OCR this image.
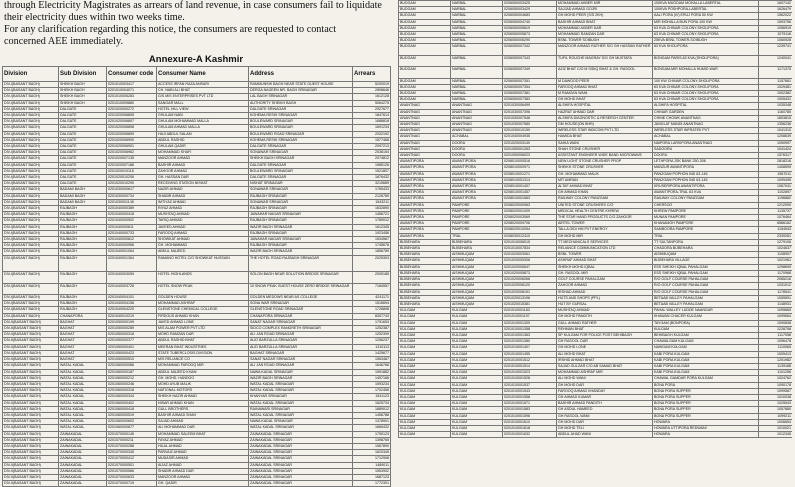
through Electricity Magistrates as arrears of land revenue, in case consumers fail to liquidate

their electricity dues within two weeks time.

For any clarification regarding this notice, the consumers are requested to contact

concerned AEE immediately.

Annexure-A Kashmir
Division	Sub Division	Consumer code	Consumer Name	Address	Arrears
DIV-I(BASANT BAGH)	SHEIKH BAGH	0201010003417	ACCESS IRFAN RAZA ANSARI	RAMMUNSHI BAGH NEAR STATE GUEST HOUSE	5200019
DIV-I(BASANT BAGH)	SHEIKH BAGH	0201010004071	CH. NABI ALI BHAT	DERGA NAGEEN NR. BAGH SRINAGAR	2898646
DIV-I(BASANT BAGH)	SHEIKH BAGH	0201010005283	G/S M/S ENTERPRISES PVT LTD	LAL BAGH SRINAGAR	1612128
DIV-I(BASANT BAGH)	SHEIKH BAGH	0201010009880	SANGAR MALL	AUTHORITY SHEIKH BAGH	5064275
DIV-I(BASANT BAGH)	DALGATE	0201020000272	HOTEL HILL VIEW	DALGATE SRINAGAR	2927677
DIV-I(BASANT BAGH)	DALGATE	0201020006895	GHULAM NABI	KOHEMA RESHI SRINAGAR	1847614
DIV-I(BASANT BAGH)	DALGATE	0201020006897	GHULAM MOHAMMAD MALLA	BOULEWARD SRINAGAR	1688818
DIV-I(BASANT BAGH)	DALGATE	0201020006898	GHULAM AHMAD MALLA	BOULEWARD SRINAGAR	1691234
DIV-I(BASANT BAGH)	DALGATE	0201020006899	HAJI ABDUL SALAM	BOULEWARD ROAD SRINAGAR	2032192
DIV-I(BASANT BAGH)	DALGATE	0201020006900	ABDUL RASHID	KOHEMA RESHI SRINAGAR	1577468
DIV-I(BASANT BAGH)	DALGATE	0201020006901	GHULAM QADIR	DALGATE SRINAGAR	2097213
DIV-I(BASANT BAGH)	DALGATE	0201020006962	MOHAMMAD SHAFI	SONAWAR SRINAGAR	2036154
DIV-I(BASANT BAGH)	DALGATE	0201020007135	MANZOOR AHMAD	SHEIKH BAGH SRINAGAR	2074812
DIV-I(BASANT BAGH)	DALGATE	0201020007186	BASHIR AHMAD	DALGATE SRINAGAR	1985126
DIV-I(BASANT BAGH)	DALGATE	0201020010116	ZAHOOR AHMAD	BOULEWARD SRINAGAR	1521807
DIV-I(BASANT BAGH)	DALGATE	0201020010206	GH. HASSAN DAR	DALGATE SRINAGAR	1876432
DIV-I(BASANT BAGH)	DALGATE	0201020010290	RECEIVING STATION NISHAT	NISHAT SRINAGAR	3215689
DIV-I(BASANT BAGH)	BADAMI BAGH	0201030000617	NAZIR AHMAD	SONAWAR SRINAGAR	1765433
DIV-I(BASANT BAGH)	BADAMI BAGH	0201030000734	SHABIR AHMAD	RAJBAGH SRINAGAR	2126789
DIV-I(BASANT BAGH)	BADAMI BAGH	0201030001145	IMTIYAZ AHMAD	SONAWAR SRINAGAR	1543211
DIV-I(BASANT BAGH)	RAJBAGH	0201040000389	RIYAZ AHMAD	RAJBAGH SRINAGAR	1632890
DIV-I(BASANT BAGH)	RAJBAGH	0201040000418	MUSHTAQ AHMAD	JAWAHAR NAGAR SRINAGAR	1456721
DIV-I(BASANT BAGH)	RAJBAGH	0201040000502	TARIQ AHMAD	RAJBAGH SRINAGAR	1789012
DIV-I(BASANT BAGH)	RAJBAGH	0201040000611	JAVEED AHMAD	WAZIR BAGH SRINAGAR	1612345
DIV-I(BASANT BAGH)	RAJBAGH	0201040000733	FAROOQ AHMAD	RAJBAGH SRINAGAR	1923456
DIV-I(BASANT BAGH)	RAJBAGH	0201040000812	SHOWKAT AHMAD	JAWAHAR NAGAR SRINAGAR	1534567
DIV-I(BASANT BAGH)	RAJBAGH	0201040000956	GH. MOHAMMAD	RAJBAGH SRINAGAR	1745678
DIV-I(BASANT BAGH)	RAJBAGH	0201040001064	ABDUL MAJEED	WAZIR BAGH SRINAGAR	1856789
DIV-I(BASANT BAGH)	RAJBAGH	0201040001364	RAMANO HOTEL C/O SHOWKAT HUSSAIN	THE HOTEL ROAD RAJBAGH SRINAGAR	2025303
DIV-I(BASANT BAGH)	RAJBAGH	0201040003059	HOTEL HIGHLANDS	SOLON BAGH NEAR SOLUTION BRIDGE SRINAGAR	2005185
DIV-I(BASANT BAGH)	RAJBAGH	0201040003728	HOTEL SNOW PEAK	10 SNOW PEAK GUEST HOUSE ZERO BRIDGE SRINAGAR	7184557
DIV-I(BASANT BAGH)	RAJBAGH	0201040004101	GOLDEN HOUSE	GOLDEN MEDOWS NEAR AS COLLEGE	4241171
DIV-I(BASANT BAGH)	RAJBAGH	0201040004158	MOHAMMAD ASHRAF	SONA WAR SRINAGAR	1516694
DIV-I(BASANT BAGH)	RAJBAGH	0201040004229	GLENSTONE CHEMICAL COLLEGE	GLENSTONE ROAD SRINAGAR	1726898
DIV-I(BASANT BAGH)	CHANAPORA	0201040010219	FIRDOUS AHMAD KHAN	CHANAPORA SRINAGAR	8307743
DIV-II(BASANT BAGH)	BAGHAT	0201050000199	JAVED AHMAD LONE	SANAT NAGAR SRINAGAR	1791653
DIV-II(BASANT BAGH)	BAGHAT	0201050000289	M/S ALAM POWER PVT LTD	SIDCO COMPLEX RANGRETH SRINAGAR	1252387
DIV-II(BASANT BAGH)	BAGHAT	0201050000318	MOHD RAMZAN DAR	ALI JAN ROAD SRINAGAR	1252399
DIV-II(BASANT BAGH)	BAGHAT	0201050000377	ABDUL RASHID BHAT	ALID BARZULLA SRINAGAR	1256237
DIV-II(BASANT BAGH)	BAGHAT	0201050000401	MEERAN BHAT INDUSTRIES	ALID BARZULLA SRINAGAR	1310113
DIV-II(BASANT BAGH)	BAGHAT	0201050000423	STATE TUBERCLOSIS DIVISION	BAGHAT SRINAGAR	1425677
DIV-II(BASANT BAGH)	BAGHAT	0201050000510	M/S RELIANCE CO	SANAT NAGAR SRINAGAR	1563487
DIV-II(BASANT BAGH)	WATAL KADAL	0201060000086	MOHAMMAD FAROOQ MIR	ALI JAN ROAD SRINAGAR	1646768
DIV-II(BASANT BAGH)	WATAL KADAL	0201060000187	ABDUL MAJEED KHAN	NAWA KADAL SRINAGAR	1591882
DIV-II(BASANT BAGH)	WATAL KADAL	0201060000212	GH. MOHD. HANDOO	WAZIR BAGH SRINAGAR	1457166
DIV-II(BASANT BAGH)	WATAL KADAL	0201060000246	MOHD AYUB MALIK	WATAL KADAL SRINAGAR	1593234
DIV-II(BASANT BAGH)	WATAL KADAL	0201060000318	NATIONAL MOTORS	WATAL KADAL SRINAGAR	1702456
DIV-II(BASANT BAGH)	WATAL KADAL	0201060000344	SHEIKH NAZIR AHMAD	KHANYAR SRINAGAR	1541123
DIV-II(BASANT BAGH)	WATAL KADAL	0201060000402	NISAR AHMAD KHAN	WATAL KADAL SRINAGAR	1625734
DIV-II(BASANT BAGH)	WATAL KADAL	0201060000418	GULL BROTHERS	RAINAWARI SRINAGAR	1889012
DIV-II(BASANT BAGH)	WATAL KADAL	0201060000519	BASHIR AHMAD SHAH	WATAL KADAL SRINAGAR	1456788
DIV-II(BASANT BAGH)	WATAL KADAL	0201060000602	SAJAD AHMAD	NAWA KADAL SRINAGAR	1378901
DIV-II(BASANT BAGH)	WATAL KADAL	0201060000677	ALI MOHAMMAD DAR	WATAL KADAL SRINAGAR	1665432
DIV-II(BASANT BAGH)	ZAINAKADAL	0201070000145	MOHAMMAD SALEEM BHAT	ZAINAKADAL SRINAGAR	1790123
DIV-II(BASANT BAGH)	ZAINAKADAL	0201070000211	FAYAZ AHMAD	ZAINAKADAL SRINAGAR	1398765
DIV-II(BASANT BAGH)	ZAINAKADAL	0201070000288	HILAL AHMAD	ZAINAKADAL SRINAGAR	1567890
DIV-II(BASANT BAGH)	ZAINAKADAL	0201070000345	PARVAIZ AHMAD	ZAINAKADAL SRINAGAR	1620345
DIV-II(BASANT BAGH)	ZAINAKADAL	0201070000412	MUDASIR AHMAD	ZAINAKADAL SRINAGAR	1712908
DIV-II(BASANT BAGH)	ZAINAKADAL	0201070000501	AIJAZ AHMAD	ZAINAKADAL SRINAGAR	1489011
DIV-II(BASANT BAGH)	ZAINAKADAL	0201070000566	SHABIR AHMAD DAR	ZAINAKADAL SRINAGAR	1553902
DIV-II(BASANT BAGH)	ZAINAKADAL	0201070000633	MANZOOR AHMAD	ZAINAKADAL SRINAGAR	1687123
DIV-II(BASANT BAGH)	ZAINAKADAL	0201070000719	GH. QADIR	ZAINAKADAL SRINAGAR	1772301
BUDGAM	NARBAL	0206050003425	MOHAMMAD AKBER MIR	100KVA MUGDAM MOHALLA LABERTAL	1607142
BUDGAM	NARBAL	0206050003429	SAJJAD AHMAD GOJRI	100KVA POSHPORA-LABERTAL	1626479
BUDGAM	NARBAL	0206050004683	GH MOHD PEER (S/S 2KH)	AALI PORA (IV) ERUJ PORA 50 KW	1562022
BUDGAM	NARBAL	0206050004740	BASHIR AHMAD BHAT	MIR MOHALLA BUN PORA 100 KW	1593756
BUDGAM	NARBAL	0206050005819	MOHAMMAD AKBER DAR	63 KVA CHINAR COLONY-SHOLIPORA	1056919
BUDGAM	NARBAL	0206050005873	MOHAMMAD RAMZAN DAR	63 KVA CHINAR COLONY-SHOLIPORA	1079118
BUDGAM	NARBAL	0206050006290	BSNL TOWER SOIBUGH	25KVA BSNL TOWER-SOIBUGH	1060928
BUDGAM	NARBAL	0206050007342	MANZOOR AHMAD RATHER S/O GH HASSAN RATHER	63 KVA SHOLIPORA	1239741
BUDGAM	NARBAL	0206050007343	TUFIL ROUCHE MAGRAY S/O GH MUSTAFA	BONGAM PARIS-63 KVA (SHOLIPORA)	1240041
BUDGAM	NARBAL	0206050007349	AZIZ BHAT C/O M SIDIQ BHAT & GH. RASOOL	BONGAM-MIR MOHALLA HUMID WAR	1171375
BUDGAM	NARBAL	0206050007351	M DAWOOD PEER	100 KW CHINAR COLONY-SHOLIPORA	1157661
BUDGAM	NARBAL	0206050007354	FAROOQ AHMAD BHAT	63 KVA CHINAR COLONY-SHOLIPORA	1029481
BUDGAM	NARBAL	0206050007381	M RAMZAN WANI	63 KVA CHINAR COLONY-SHOLIPORA	1002382
BUDGAM	NARBAL	0206050007383	GH MOHD BHAT	63 KVA CHINAR COLONY-SHOLIPORA	1005431
ANANTNAG	ANANTNAG	0201030006499	ALSHIFA HOSPITAL	ALSHIFA HOSPITAL	1035348
ANANTNAG	ANANTNAG	0201030007396	HAZRAT AHMAD DAR	CHINAR GARDEN	1160785
ANANTNAG	ANANTNAG	0201030007546	ALSHIFA DIAGNOSTIC & RESERCH CENTER	CHINE CHOWK ANANTNAG	1803815
ANANTNAG	ANANTNAG	0201030007580	GM HOUSE(ON BHR)	JANGLAT MANDI ANANTNAG	1356236
ANANTNAG	ANANTNAG	0201030010159	WIRELESS STAR INDICOM PVT LTD	WIRELESS STAR INFRATEK PVT	1041310
ANANTNAG	ACHABAL	0201040004935	HAMIDA BHAT	ACHABAL	1208639
ANANTNAG	DOORU	0201020003140	SAHIA WANI	NAIPORA LARKIPORA ANANTNAG	1090997
ANANTNAG	DOORU	0201050001263	SHAH STONE CRUSHER	SADOORU	1041424
ANANTNAG	DOORU	0201050006023	ASSISTANT ENGINEER WIDE BAND MICROWAVE	DOORU	1576317
AWANTIPORA	AWANTIPORA	0208010000516	NEW LIGHT STONE CRUSHER PROP	LETHPORA JSK BANK 250-306	2818216
AWANTIPORA	AWANTIPORA	0208010000971	SHEIKH STONE CRUSHER	MANZUR AWANTIPORA	1408599
AWANTIPORA	AWANTIPORA	0208010001271	GH. MOHAMMAD MALIK	PANZGAM POPHON IND 63-145	1967011
AWANTIPORA	AWANTIPORA	0208010001314	MIT AMRAN	PANZGAM POPHON IND 63-145	1099495
AWANTIPORA	AWANTIPORA	0208010001407	ALTAF AHMAD BHAT	KRUSERIPORA AWANTIPORA	1067041
AWANTIPORA	AWANTIPORA	0208010001457	GH AHMAD KHAN	AWANTIPORA-TRAL 63 KVA	1102897
AWANTIPORA	AWANTIPORA	0208010001563	RAILWAY COLONY PANZGAM	RAILWAY COLONY PANZGAM	1196882
AWANTIPORA	PAMPORE	0208020000963	UNITED STONE CRUSHERS C/O	CHERSOO	1212090
AWANTIPORA	PAMPORE	0208020001009	MEDICAL HEALTH CENTRE KHREW	KHREW PAMPORE	1135737
AWANTIPORA	PAMPORE	0208020003069	THE STAR HAND PRODUCTS C/O ZAHOOR	MUNAN PAMPORE	1076464
AWANTIPORA	PAMPORE	0208020009706	AIRTEL TOWER	KHANAMOH PAMPORE	6566162
AWANTIPORA	PAMPORE	0208020010054	TALLA GIDI HM PVT ENERGY	SAMBOORA PAMPORE	1154543
AWANTIPORA	TRAL	0208030012410	GH MOHD MIR	TRAL	2339281
BIJBEHARA	BIJBEHARA	0201010006015	TT MECHANICALS SERVICES	TT SULTANPORA	1279106
BIJBEHARA	BIJBEHARA	0201010007834	RELIANCE COMMUNICATION LTD	CHADORA BIJBEHARA	1024637
BIJBEHARA	AISHMUQAM	0201020003061	BSNL TOWER	AISHMUQAM	1108907
BIJBEHARA	AISHMUQAM	0201020005306	ASHRAF AHMAD BHAT	BIJBEHARA VILLAGE	1021961
BIJBEHARA	AISHMUQAM	0201020005547	SHEIKH MOHD IQBAL	ESS SHEIKH IQBAL PAHALGAM	1298699
BIJBEHARA	AISHMUQAM	0201020005873	GH. RASOOL MIR	ESS SHEIKH IQBAL PAHALGAM	1170968
BIJBEHARA	AISHMUQAM	0201020006066	GOLF COURSE PAHALGAM	R/O GOLF COURSE PAHALGAM	2065216
BIJBEHARA	AISHMUQAM	0201020006120	ZAHOOR AHMAD	R/O GOLF COURSE PAHALGAM	1031012
BIJBEHARA	AISHMUQAM	0201020008191	IRSHAD AHMAD	R/O GOLF COURSE PAHALGAM	1178541
BIJBEHARA	AISHMUQAM	0201020013196	HUTS AND SHOPS (PPL)	BETAAB VALLEY PAHALGAM	1055591
BIJBEHARA	AISHMUQAM	0201020015381	HUT BY GURSAL	BETAAB VALLEY PAHALGAM	1148931
KULGAM	KULGAM	0201010001183	MUSHTAQ AHMAD	PAHAL WALLEY LUDDE NAANGAR	1095665
KULGAM	KULGAM	0201010001197	GH MOHD PANDITH	KHAWAN CHACER KULGAM	1099664
KULGAM	KULGAM	0201010001309	GULL AHMAD RATHER	TAYGAM (BONPORA)	1090838
KULGAM	KULGAM	0201010001358	REHMAN BHAT	KULGAM	1228758
KULGAM	KULGAM	0201010001363	SP KULGAM FOR POLICE POST BEHIBAGH	BEHIBAGH KULGAM	1117058
KULGAM	KULGAM	0201010001380	GH RASOOL DAR	CHAWALGAM KULGAM	1096478
KULGAM	KULGAM	0201010001407	GH MOHD LONE	NAWGAM KULGAM	1110065
KULGAM	KULGAM	0201010001455	ALI MOHD BHAT	KABI PORA KULGAM	1005413
KULGAM	KULGAM	0201010001512	IRSHID AHMAD BHAT	KABI PORA KULGAM	1201982
KULGAM	KULGAM	0201010001514	SAJAD GULZAR C/O AB SAMAD BHAT	KABI PORA KULGAM	1139188
KULGAM	KULGAM	0201010001523	MOHAMMAD ASHRAF MIR	KABI PORA KULGAM	1101256
KULGAM	KULGAM	0201010001528	ALI MOHD WANI	CHAWAL GAMDAR PORA KULGAM	1024762
KULGAM	KULGAM	0201010001537	GH MOHD DAR	BONA PORA	1090178
KULGAM	KULGAM	0201010001543	FAROOQ AHMAD KHANDAY	BONA PORA SUPPER	1099567
KULGAM	KULGAM	0201010001558	GH AHMAD KUMAR	BONA PORA SUPPER	1010038
KULGAM	KULGAM	0201010001571	BASHIR AHMAD PANDITH	BONA PORA SUPPER	1025543
KULGAM	KULGAM	0201010001583	GH ASDUL HAMEED	BONA PORA SUPPER	1057880
KULGAM	KULGAM	0201010001596	GH RASOOL WANI	BONA PORA SUPPER	1099211
KULGAM	KULGAM	0201010001610	GH MOHD DAR	HOWARA	1006654
KULGAM	KULGAM	0201010001618	GH MOHD TELI	HOWARA UTTIPORA REDWANI	1010021
KULGAM	KULGAM	0201010001632	ABDUL AHAD WANI	HOWARA	1012345
